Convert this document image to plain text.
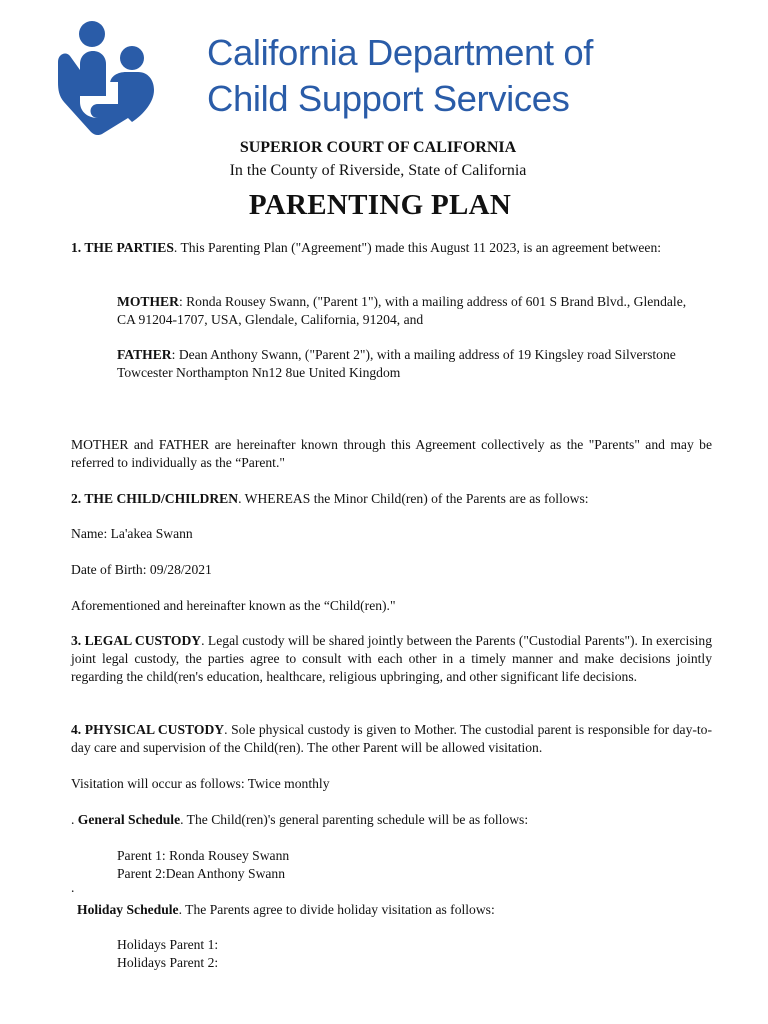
California Department of
Child Support Services
SUPERIOR COURT OF CALIFORNIA
In the County of Riverside, State of California
PARENTING PLAN
1. THE PARTIES. This Parenting Plan ("Agreement") made this August 11 2023, is an agreement between:
MOTHER: Ronda Rousey Swann, ("Parent 1"), with a mailing address of 601 S Brand Blvd., Glendale, CA 91204-1707, USA, Glendale, California, 91204, and
FATHER: Dean Anthony Swann, ("Parent 2"), with a mailing address of 19 Kingsley road Silverstone Towcester Northampton Nn12 8ue United Kingdom
MOTHER and FATHER are hereinafter known through this Agreement collectively as the "Parents" and may be referred to individually as the “Parent."
2. THE CHILD/CHILDREN. WHEREAS the Minor Child(ren) of the Parents are as follows:
Name: La'akea Swann
Date of Birth: 09/28/2021
Aforementioned and hereinafter known as the “Child(ren)."
3. LEGAL CUSTODY. Legal custody will be shared jointly between the Parents ("Custodial Parents"). In exercising joint legal custody, the parties agree to consult with each other in a timely manner and make decisions jointly regarding the child(ren's education, healthcare, religious upbringing, and other significant life decisions.
4. PHYSICAL CUSTODY. Sole physical custody is given to Mother. The custodial parent is responsible for day-to-day care and supervision of the Child(ren). The other Parent will be allowed visitation.
Visitation will occur as follows: Twice monthly
. General Schedule. The Child(ren)'s general parenting schedule will be as follows:
Parent 1: Ronda Rousey Swann
Parent 2:Dean Anthony Swann
.
Holiday Schedule. The Parents agree to divide holiday visitation as follows:
Holidays Parent 1:
Holidays Parent 2:
